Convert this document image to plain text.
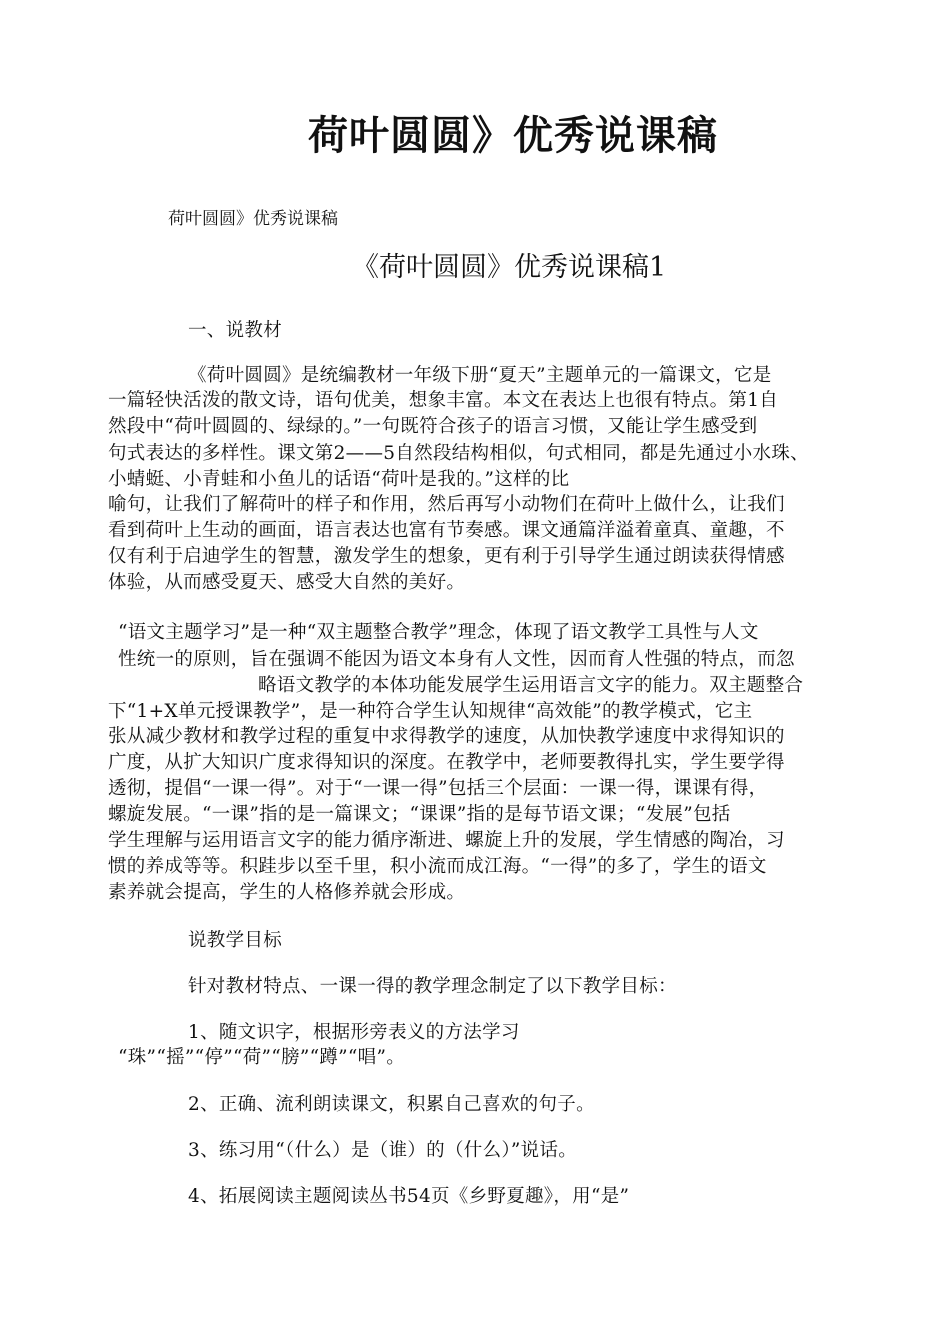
荷叶圆圆》优秀说课稿

荷叶圆圆》优秀说课稿

《荷叶圆圆》优秀说课稿1

一、说教材

《荷叶圆圆》是统编教材一年级下册“夏天”主题单元的一篇课文，它是

一篇轻快活泼的散文诗，语句优美，想象丰富。本文在表达上也很有特点。第1自

然段中“荷叶圆圆的、绿绿的。”一句既符合孩子的语言习惯，又能让学生感受到

句式表达的多样性。课文第2——5自然段结构相似，句式相同，都是先通过小水珠、

小蜻蜓、小青蛙和小鱼儿的话语“荷叶是我的。”这样的比

喻句，让我们了解荷叶的样子和作用，然后再写小动物们在荷叶上做什么，让我们

看到荷叶上生动的画面，语言表达也富有节奏感。课文通篇洋溢着童真、童趣，不

仅有利于启迪学生的智慧，激发学生的想象，更有利于引导学生通过朗读获得情感

体验，从而感受夏天、感受大自然的美好。

“语文主题学习”是一种“双主题整合教学”理念，体现了语文教学工具性与人文

性统一的原则，旨在强调不能因为语文本身有人文性，因而育人性强的特点，而忽

略语文教学的本体功能发展学生运用语言文字的能力。双主题整合

下“1+X单元授课教学”，是一种符合学生认知规律“高效能”的教学模式，它主

张从减少教材和教学过程的重复中求得教学的速度，从加快教学速度中求得知识的

广度，从扩大知识广度求得知识的深度。在教学中，老师要教得扎实，学生要学得

透彻，提倡“一课一得”。对于“一课一得”包括三个层面：一课一得，课课有得，

螺旋发展。“一课”指的是一篇课文；“课课”指的是每节语文课；“发展”包括

学生理解与运用语言文字的能力循序渐进、螺旋上升的发展，学生情感的陶冶，习

惯的养成等等。积跬步以至千里，积小流而成江海。“一得”的多了，学生的语文

素养就会提高，学生的人格修养就会形成。

说教学目标

针对教材特点、一课一得的教学理念制定了以下教学目标：

1、随文识字，根据形旁表义的方法学习

“珠”“摇”“停”“荷”“膀”“蹲”“唱”。

2、正确、流利朗读课文，积累自己喜欢的句子。

3、练习用“（什么）是（谁）的（什么）”说话。

4、拓展阅读主题阅读丛书54页《乡野夏趣》，用“是”
